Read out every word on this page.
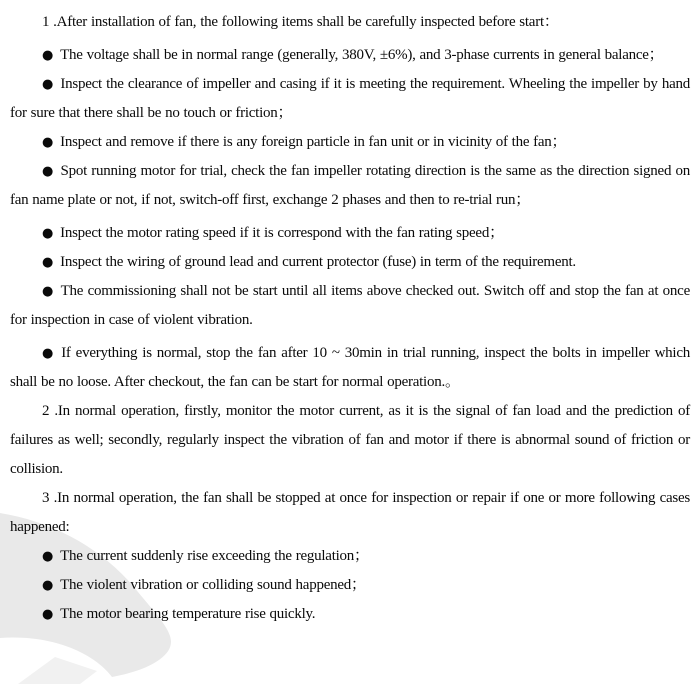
1 .After installation of fan, the following items shall be carefully inspected before start：

● The voltage shall be in normal range (generally, 380V, ±6%), and 3-phase currents in general balance；

● Inspect the clearance of impeller and casing if it is meeting the requirement. Wheeling the impeller by hand for sure that there shall be no touch or friction；

● Inspect and remove if there is any foreign particle in fan unit or in vicinity of the fan；

● Spot running motor for trial, check the fan impeller rotating direction is the same as the direction signed on fan name plate or not, if not, switch-off first, exchange 2 phases and then to re-trial run；

● Inspect the motor rating speed if it is correspond with the fan rating speed；

● Inspect the wiring of ground lead and current protector (fuse) in term of the requirement.

● The commissioning shall not be start until all items above checked out. Switch off and stop the fan at once for inspection in case of violent vibration.

● If everything is normal, stop the fan after 10 ~ 30min in trial running, inspect the bolts in impeller which shall be no loose. After checkout, the fan can be start for normal operation.。

2 .In normal operation, firstly, monitor the motor current, as it is the signal of fan load and the prediction of failures as well; secondly, regularly inspect the vibration of fan and motor if there is abnormal sound of friction or collision.

3 .In normal operation, the fan shall be stopped at once for inspection or repair if one or more following cases happened:

● The current suddenly rise exceeding the regulation；

● The violent vibration or colliding sound happened；

● The motor bearing temperature rise quickly.
